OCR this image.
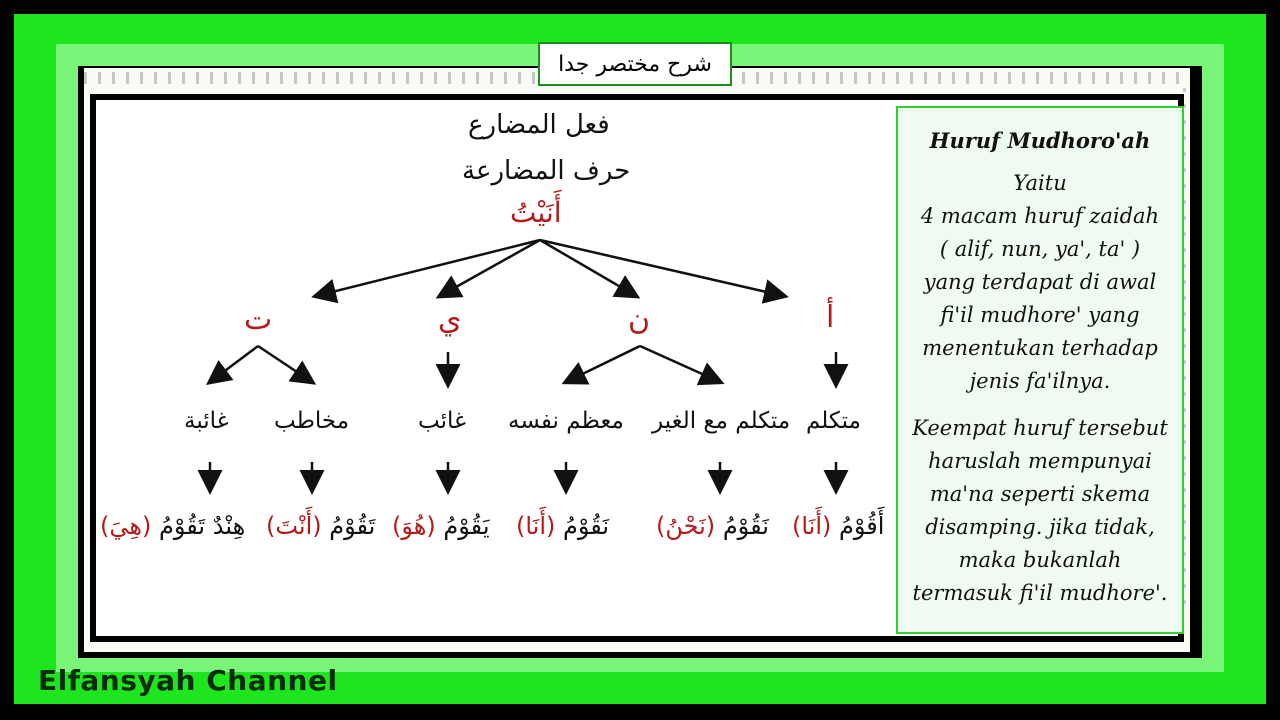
شرح مختصر جدا
فعل المضارع
حرف المضارعة
أَنَيْتُ
ت	ي	ن	أ
غائبة مخاطب	غائب معظم نفسه متكلم مع الغير متكلم
هِنْدٌ تَقُوْمُ (هِيَ)	تَقُوْمُ (أَنْتَ)	يَقُوْمُ (هُوَ)	نَقُوْمُ (أَنَا)	نَقُوْمُ (نَحْنُ)	أَقُوْمُ (أَنَا)
Huruf Mudhoro'ah
Yaitu
4 macam huruf zaidah
( alif, nun, ya', ta' )
yang terdapat di awal
fi'il mudhore' yang
menentukan terhadap
jenis fa'ilnya.
Keempat huruf tersebut
haruslah mempunyai
ma'na seperti skema
disamping. jika tidak,
maka bukanlah
termasuk fi'il mudhore'.
Elfansyah Channel
